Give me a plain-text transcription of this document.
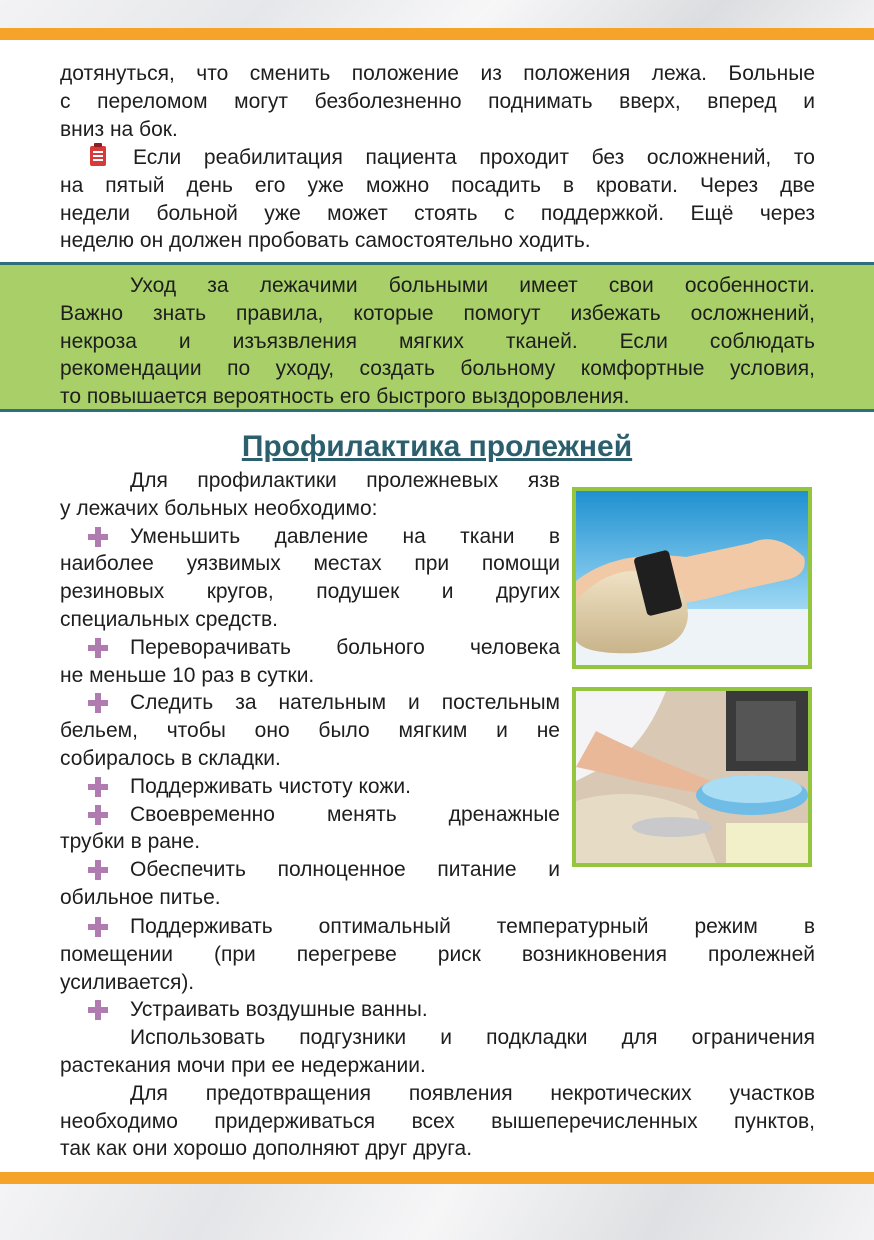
дотянуться, что сменить положение из положения лежа. Больные
с переломом могут безболезненно поднимать вверх, вперед и
вниз на бок.
Если реабилитация пациента проходит без осложнений, то
на пятый день его уже можно посадить в кровати. Через две
недели больной уже может стоять с поддержкой. Ещё через
неделю он должен пробовать самостоятельно ходить.
Уход за лежачими больными имеет свои особенности.
Важно знать правила, которые помогут избежать осложнений,
некроза и изъязвления мягких тканей. Если соблюдать
рекомендации по уходу, создать больному комфортные условия,
то повышается вероятность его быстрого выздоровления.
Профилактика пролежней
Для профилактики пролежневых язв
у лежачих больных необходимо:
Уменьшить давление на ткани в
наиболее уязвимых местах при помощи
резиновых кругов, подушек и других
специальных средств.
Переворачивать больного человека
не меньше 10 раз в сутки.
Следить за нательным и постельным
бельем, чтобы оно было мягким и не
собиралось в складки.
Поддерживать чистоту кожи.
Своевременно менять дренажные
трубки в ране.
Обеспечить полноценное питание и
обильное питье.
Поддерживать оптимальный температурный режим в
помещении (при перегреве риск возникновения пролежней
усиливается).
Устраивать воздушные ванны.
Использовать подгузники и подкладки для ограничения
растекания мочи при ее недержании.
Для предотвращения появления некротических участков
необходимо придерживаться всех вышеперечисленных пунктов,
так как они хорошо дополняют друг друга.
